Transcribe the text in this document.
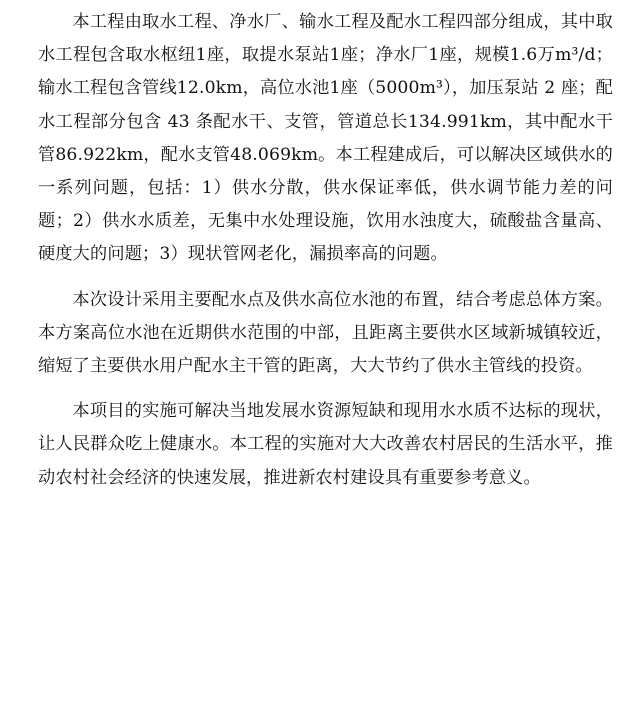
本工程由取水工程、净水厂、输水工程及配水工程四部分组成，其中取水工程包含取水枢纽1座，取提水泵站1座；净水厂1座，规模1.6万m³/d；输水工程包含管线12.0km，高位水池1座（5000m³），加压泵站 2 座；配水工程部分包含 43 条配水干、支管，管道总长134.991km，其中配水干管86.922km，配水支管48.069km。本工程建成后，可以解决区域供水的一系列问题，包括：1）供水分散，供水保证率低，供水调节能力差的问题；2）供水水质差，无集中水处理设施，饮用水浊度大，硫酸盐含量高、硬度大的问题；3）现状管网老化，漏损率高的问题。

本次设计采用主要配水点及供水高位水池的布置，结合考虑总体方案。本方案高位水池在近期供水范围的中部，且距离主要供水区域新城镇较近，缩短了主要供水用户配水主干管的距离，大大节约了供水主管线的投资。

本项目的实施可解决当地发展水资源短缺和现用水水质不达标的现状，让人民群众吃上健康水。本工程的实施对大大改善农村居民的生活水平，推动农村社会经济的快速发展，推进新农村建设具有重要参考意义。
